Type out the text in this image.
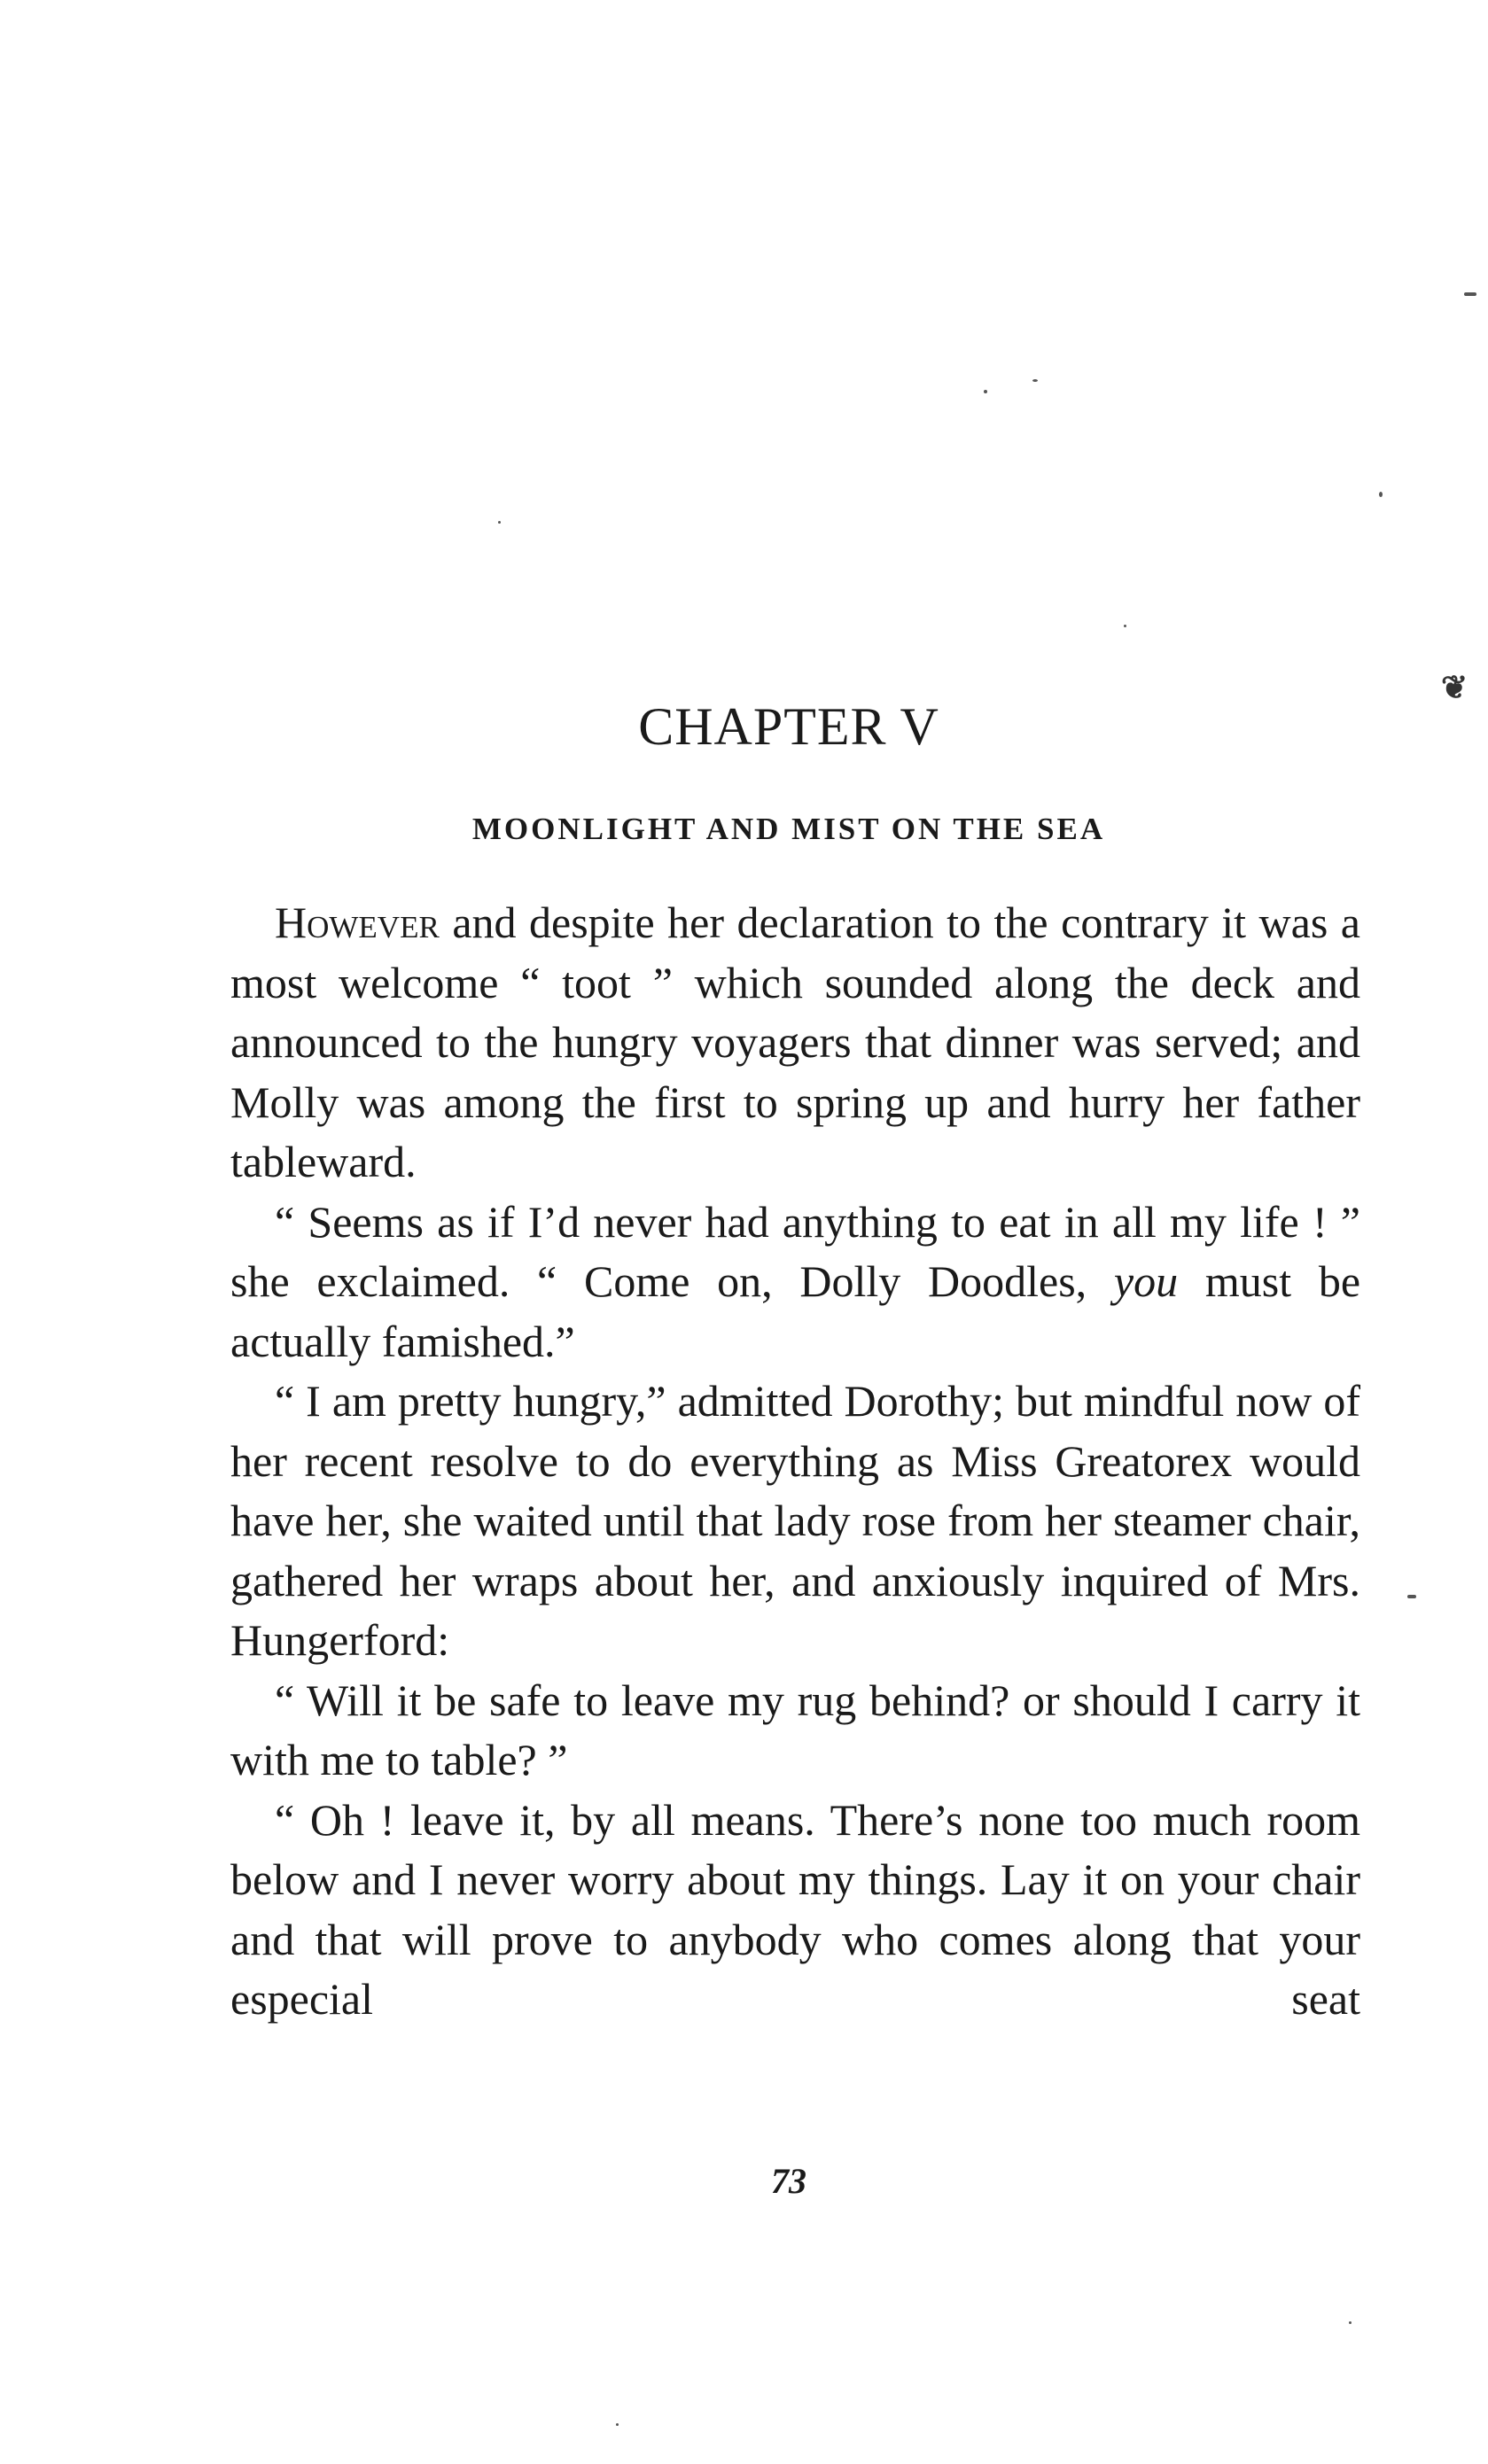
❦
CHAPTER V
MOONLIGHT AND MIST ON THE SEA

However and despite her declaration to the contrary it was a most welcome “ toot ” which sounded along the deck and announced to the hungry voyagers that dinner was served; and Molly was among the first to spring up and hurry her father tableward.

“ Seems as if I’d never had anything to eat in all my life ! ” she exclaimed. “ Come on, Dolly Doodles, you must be actually famished.”

“ I am pretty hungry,” admitted Dorothy; but mindful now of her recent resolve to do everything as Miss Greatorex would have her, she waited until that lady rose from her steamer chair, gathered her wraps about her, and anxiously inquired of Mrs. Hungerford:

“ Will it be safe to leave my rug behind? or should I carry it with me to table? ”

“ Oh ! leave it, by all means. There’s none too much room below and I never worry about my things. Lay it on your chair and that will prove to anybody who comes along that your especial seat

73
